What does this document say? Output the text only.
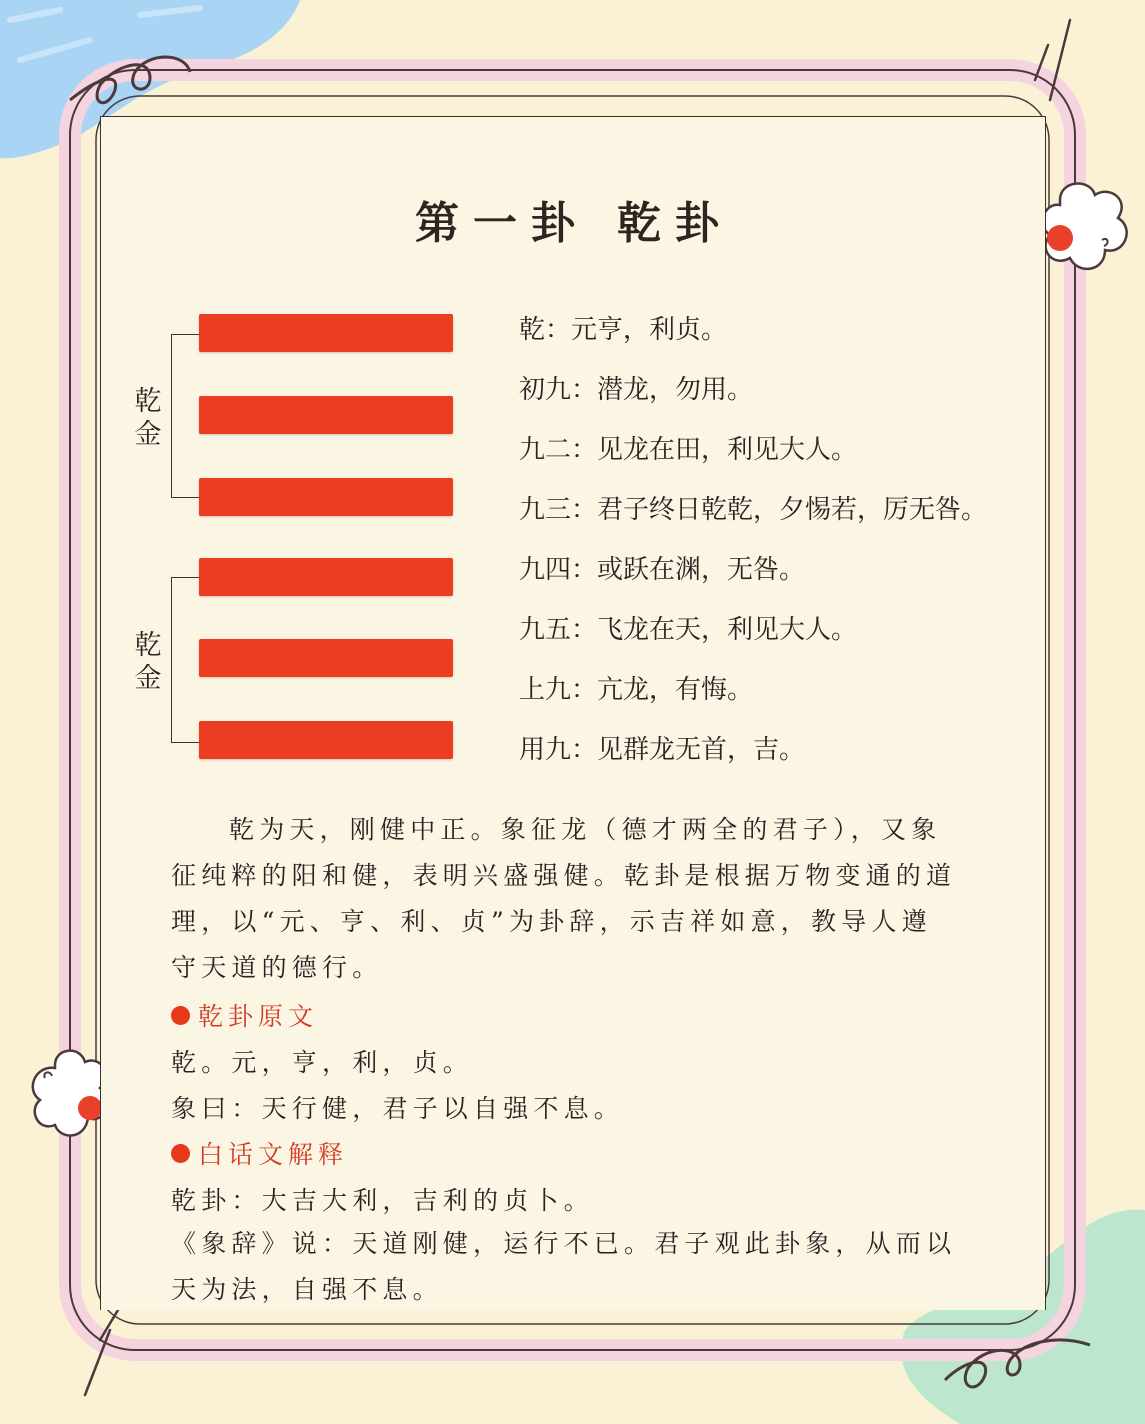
第一卦 乾卦
乾
金
乾
金
乾：元亨，利贞。
初九：潜龙，勿用。
九二：见龙在田，利见大人。
九三：君子终日乾乾，夕惕若，厉无咎。
九四：或跃在渊，无咎。
九五：飞龙在天，利见大人。
上九：亢龙，有悔。
用九：见群龙无首，吉。
乾为天，刚健中正。象征龙（德才两全的君子），又象
征纯粹的阳和健，表明兴盛强健。乾卦是根据万物变通的道
理，以“元、亨、利、贞”为卦辞，示吉祥如意，教导人遵
守天道的德行。
乾卦原文
乾。元，亨，利，贞。
象曰：天行健，君子以自强不息。
白话文解释
乾卦：大吉大利，吉利的贞卜。
《象辞》说：天道刚健，运行不已。君子观此卦象，从而以
天为法，自强不息。
